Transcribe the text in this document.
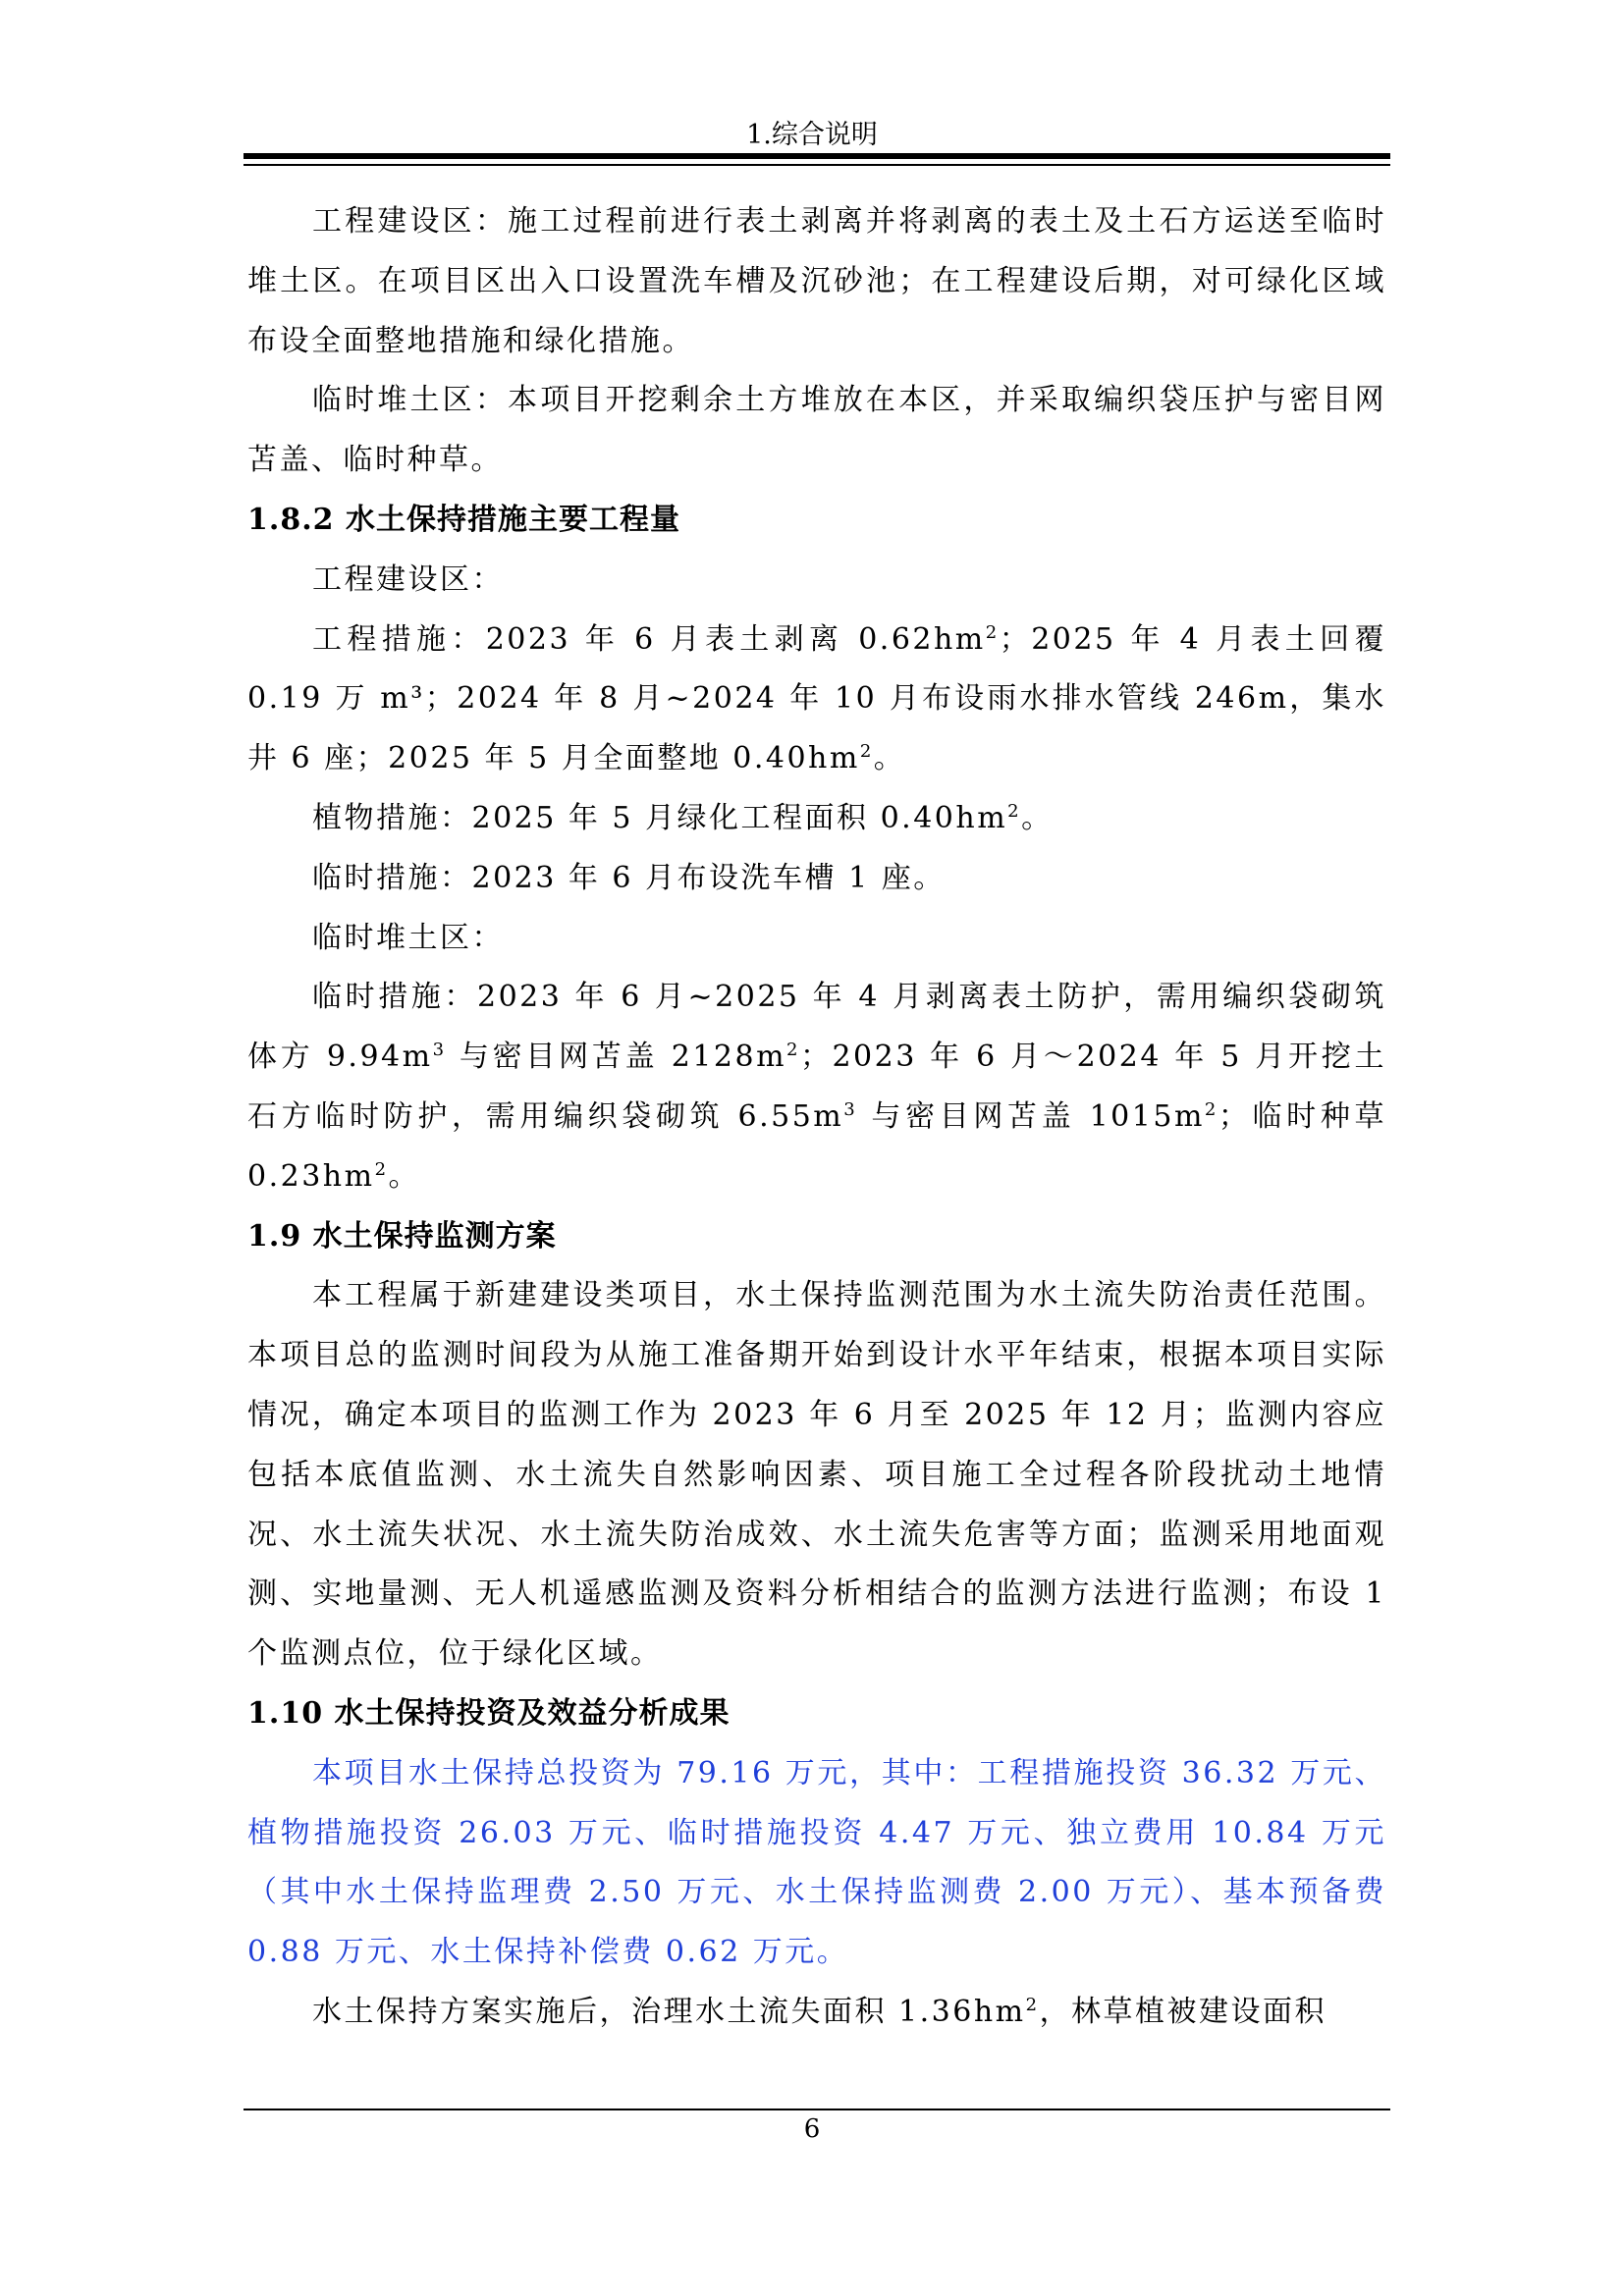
1.综合说明

工程建设区：施工过程前进行表土剥离并将剥离的表土及土石方运送至临时堆土区。在项目区出入口设置洗车槽及沉砂池；在工程建设后期，对可绿化区域布设全面整地措施和绿化措施。

临时堆土区：本项目开挖剩余土方堆放在本区，并采取编织袋压护与密目网苫盖、临时种草。

1.8.2 水土保持措施主要工程量

工程建设区：

工程措施：2023 年 6 月表土剥离 $0.62hm^2$；2025 年 4 月表土回覆 0.19 万 m³；2024 年 8 月~2024 年 10 月布设雨水排水管线 246m，集水井 6 座；2025 年 5 月全面整地 $0.40hm^2$。

植物措施：2025 年 5 月绿化工程面积 $0.40hm^2$。

临时措施：2023 年 6 月布设洗车槽 1 座。

临时堆土区：

临时措施：2023 年 6 月~2025 年 4 月剥离表土防护，需用编织袋砌筑体方 $9.94m^3$ 与密目网苫盖 $2128m^2$；2023 年 6 月～2024 年 5 月开挖土石方临时防护，需用编织袋砌筑 $6.55m^3$ 与密目网苫盖 $1015m^2$；临时种草 $0.23hm^2$。

1.9 水土保持监测方案

本工程属于新建建设类项目，水土保持监测范围为水土流失防治责任范围。本项目总的监测时间段为从施工准备期开始到设计水平年结束，根据本项目实际情况，确定本项目的监测工作为 2023 年 6 月至 2025 年 12 月；监测内容应包括本底值监测、水土流失自然影响因素、项目施工全过程各阶段扰动土地情况、水土流失状况、水土流失防治成效、水土流失危害等方面；监测采用地面观测、实地量测、无人机遥感监测及资料分析相结合的监测方法进行监测；布设 1 个监测点位，位于绿化区域。

1.10 水土保持投资及效益分析成果

本项目水土保持总投资为 79.16 万元，其中：工程措施投资 36.32 万元、植物措施投资 26.03 万元、临时措施投资 4.47 万元、独立费用 10.84 万元（其中水土保持监理费 2.50 万元、水土保持监测费 2.00 万元）、基本预备费 0.88 万元、水土保持补偿费 0.62 万元。

水土保持方案实施后，治理水土流失面积 $1.36hm^2$，林草植被建设面积

6
